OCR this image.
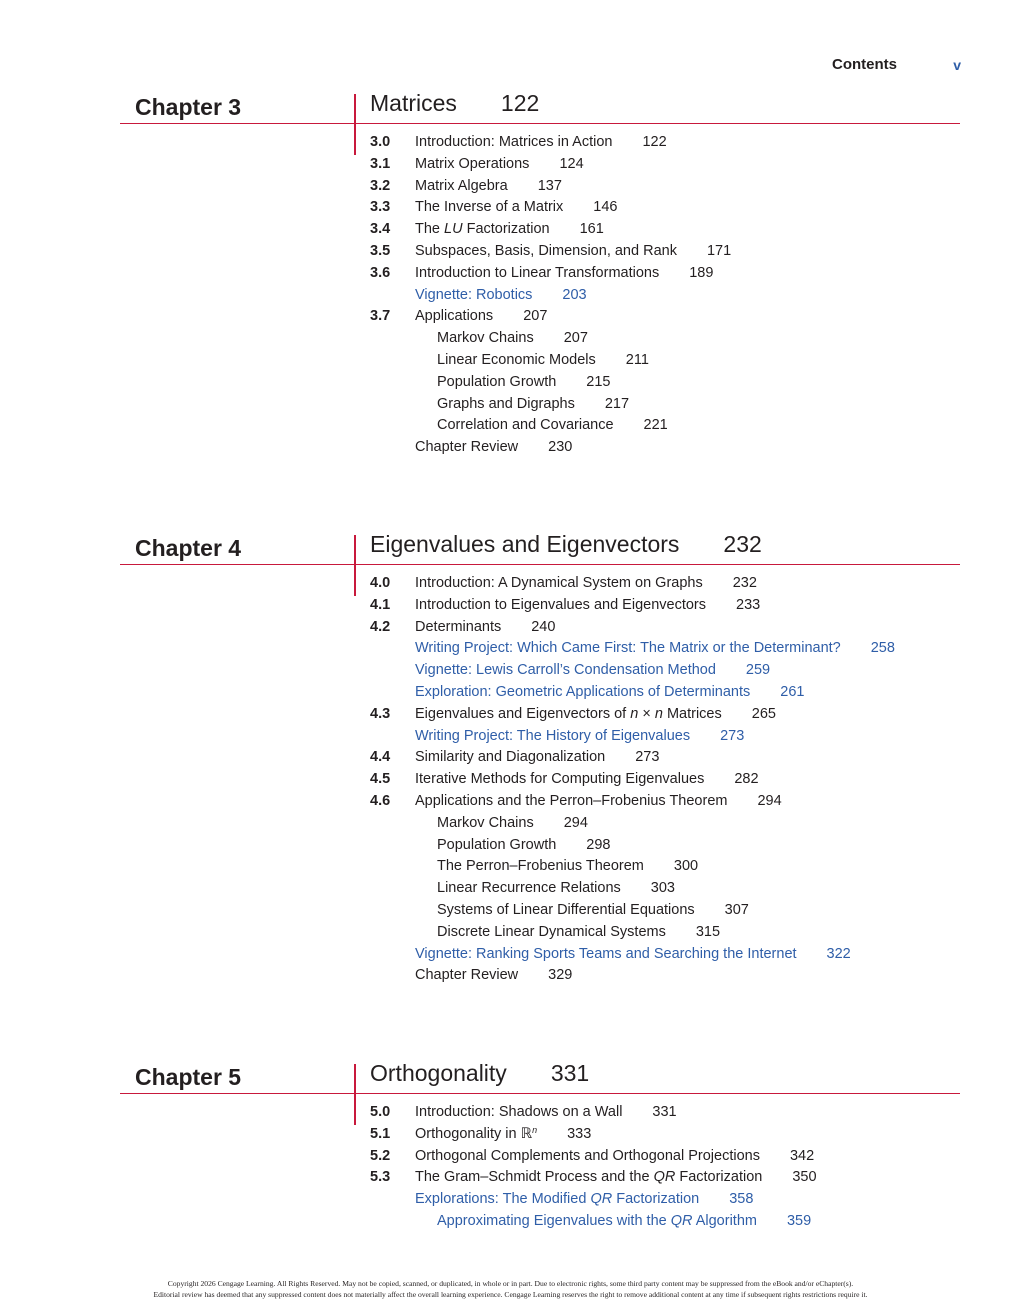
Contents	v
Chapter 3	Matrices 122
3.0	Introduction: Matrices in Action 122
3.1	Matrix Operations 124
3.2	Matrix Algebra 137
3.3	The Inverse of a Matrix 146
3.4	The LU Factorization 161
3.5	Subspaces, Basis, Dimension, and Rank 171
3.6	Introduction to Linear Transformations 189
Vignette: Robotics 203
3.7	Applications 207
Markov Chains 207
Linear Economic Models 211
Population Growth 215
Graphs and Digraphs 217
Correlation and Covariance 221
Chapter Review 230
Chapter 4	Eigenvalues and Eigenvectors 232
4.0	Introduction: A Dynamical System on Graphs 232
4.1	Introduction to Eigenvalues and Eigenvectors 233
4.2	Determinants 240
Writing Project: Which Came First: The Matrix or the Determinant? 258
Vignette: Lewis Carroll’s Condensation Method 259
Exploration: Geometric Applications of Determinants 261
4.3	Eigenvalues and Eigenvectors of n × n Matrices 265
Writing Project: The History of Eigenvalues 273
4.4	Similarity and Diagonalization 273
4.5	Iterative Methods for Computing Eigenvalues 282
4.6	Applications and the Perron–Frobenius Theorem 294
Markov Chains 294
Population Growth 298
The Perron–Frobenius Theorem 300
Linear Recurrence Relations 303
Systems of Linear Differential Equations 307
Discrete Linear Dynamical Systems 315
Vignette: Ranking Sports Teams and Searching the Internet 322
Chapter Review 329
Chapter 5	Orthogonality 331
5.0	Introduction: Shadows on a Wall 331
5.1	Orthogonality in ℝ$^n$ 333
5.2	Orthogonal Complements and Orthogonal Projections 342
5.3	The Gram–Schmidt Process and the QR Factorization 350
Explorations: The Modified QR Factorization 358
Approximating Eigenvalues with the QR Algorithm 359
Copyright 2026 Cengage Learning. All Rights Reserved. May not be copied, scanned, or duplicated, in whole or in part. Due to electronic rights, some third party content may be suppressed from the eBook and/or eChapter(s).
Editorial review has deemed that any suppressed content does not materially affect the overall learning experience. Cengage Learning reserves the right to remove additional content at any time if subsequent rights restrictions require it.
